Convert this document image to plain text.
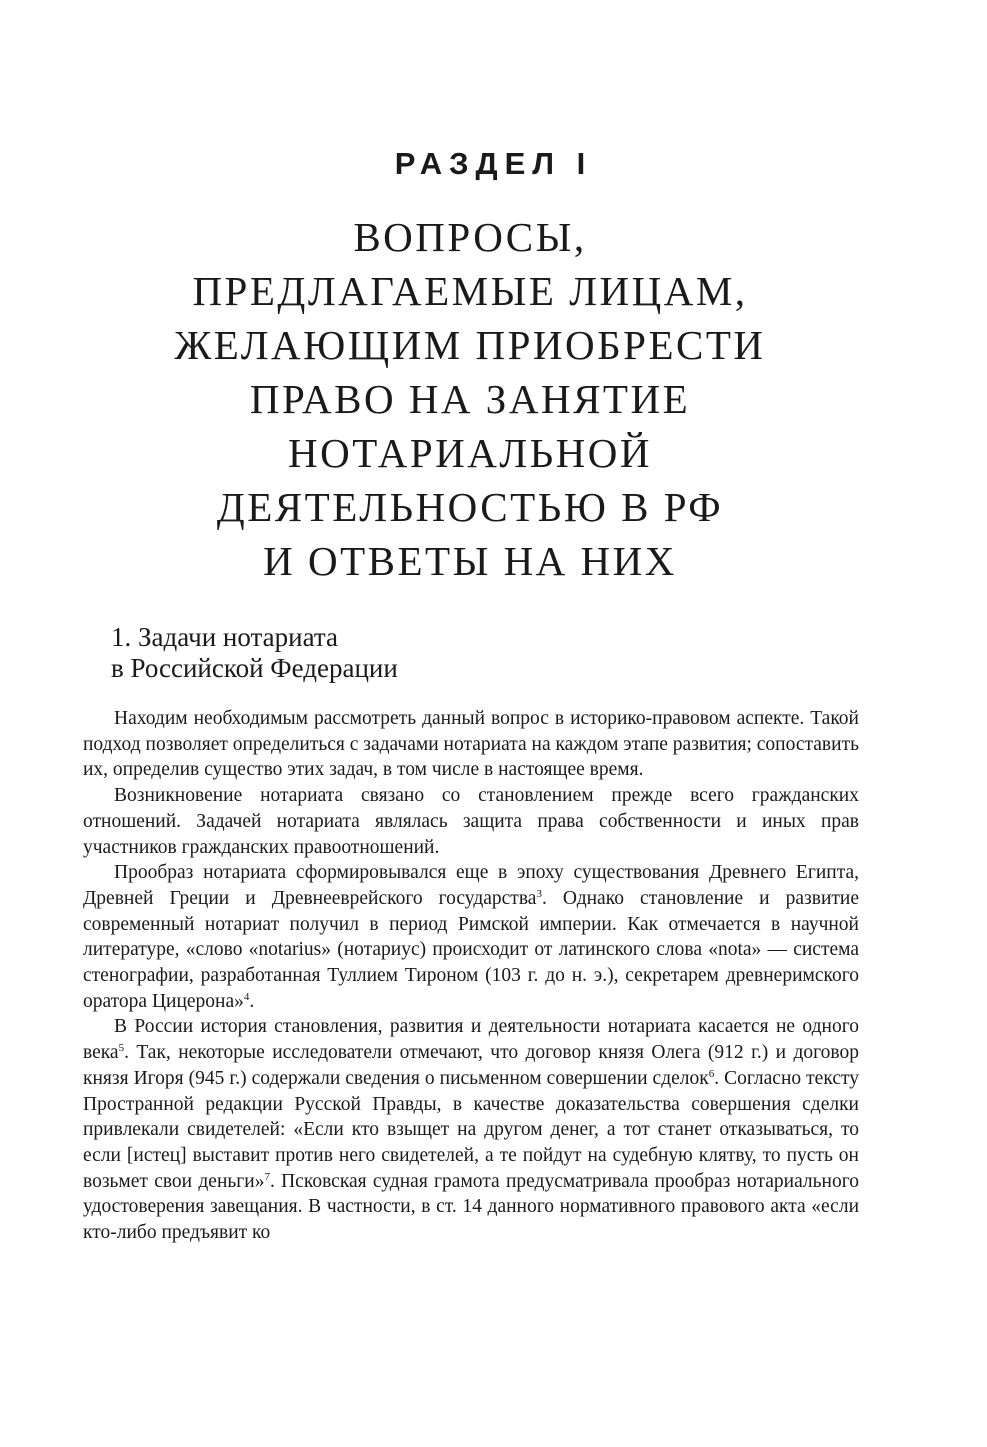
РАЗДЕЛ I
ВОПРОСЫ,
ПРЕДЛАГАЕМЫЕ ЛИЦАМ,
ЖЕЛАЮЩИМ ПРИОБРЕСТИ
ПРАВО НА ЗАНЯТИЕ
НОТАРИАЛЬНОЙ
ДЕЯТЕЛЬНОСТЬЮ В РФ
И ОТВЕТЫ НА НИХ
1. Задачи нотариата
в Российской Федерации

Находим необходимым рассмотреть данный вопрос в историко-правовом аспекте. Такой подход позволяет определиться с задачами нотариата на каждом этапе развития; сопоставить их, определив существо этих задач, в том числе в настоящее время.

Возникновение нотариата связано со становлением прежде всего гражданских отношений. Задачей нотариата являлась защита права собственности и иных прав участников гражданских правоотношений.

Прообраз нотариата сформировывался еще в эпоху существования Древнего Египта, Древней Греции и Древнееврейского государства$^3$. Однако становление и развитие современный нотариат получил в период Римской империи. Как отмечается в научной литературе, «слово «notarius» (нотариус) происходит от латинского слова «nota» — система стенографии, разработанная Туллием Тироном (103 г. до н. э.), секретарем древнеримского оратора Цицерона»$^4$.

В России история становления, развития и деятельности нотариата касается не одного века$^5$. Так, некоторые исследователи отмечают, что договор князя Олега (912 г.) и договор князя Игоря (945 г.) содержали сведения о письменном совершении сделок$^6$. Согласно тексту Пространной редакции Русской Правды, в качестве доказательства совершения сделки привлекали свидетелей: «Если кто взыщет на другом денег, а тот станет отказываться, то если [истец] выставит против него свидетелей, а те пойдут на судебную клятву, то пусть он возьмет свои деньги»$^7$. Псковская судная грамота предусматривала прообраз нотариального удостоверения завещания. В частности, в ст. 14 данного нормативного правового акта «если кто-либо предъявит ко
